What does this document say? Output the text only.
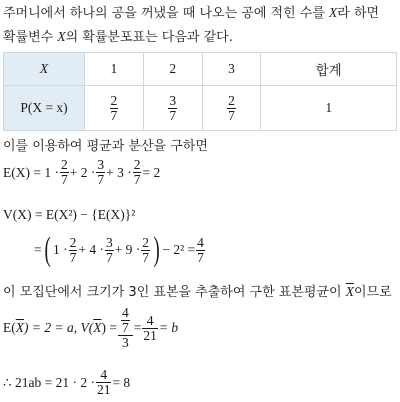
주머니에서 하나의 공을 꺼냈을 때 나오는 공에 적힌 수를 X라 하면
확률변수 X의 확률분포표는 다음과 같다.
X	1	2	3	합계
P(X = x)	$\frac{2}{7}$	$\frac{3}{7}$	$\frac{2}{7}$	1
이를 이용하여 평균과 분산을 구하면
$E(X) = 1 \cdot \frac{2}{7} + 2 \cdot \frac{3}{7} + 3 \cdot \frac{2}{7} = 2$
V(X) = E(X²) − {E(X)}²
= ( $1 \cdot \frac{2}{7} + 4 \cdot \frac{3}{7} + 9 \cdot \frac{2}{7}$ ) − $2^2 = \frac{4}{7}$
이 모집단에서 크기가 3인 표본을 추출하여 구한 표본평균이 $\overline{X}$이므로
E( $\overline{X}$ ) = 2 = a, V( $\overline{X}$ ) = 4
7
$3 = \frac{4}{21} = b$
∴ $21ab = 21 \cdot 2 \cdot \frac{4}{21} = 8$
